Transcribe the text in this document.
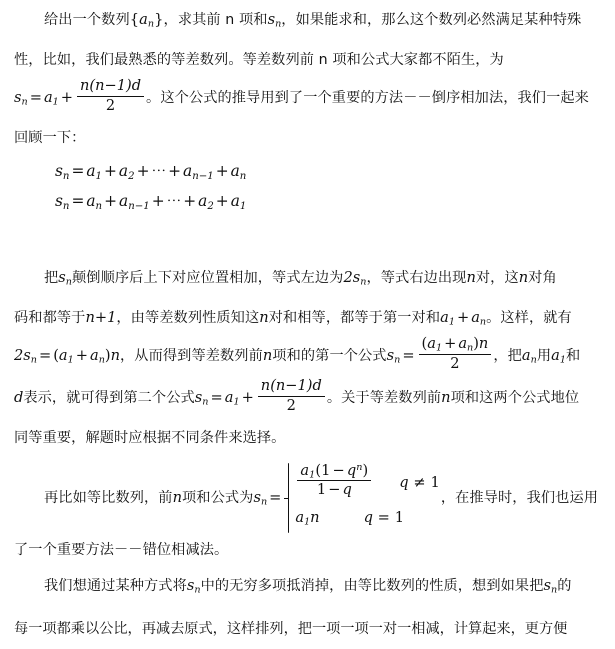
给出一个数列$\{a_n\}$，求其前 n 项和$s_n$，如果能求和，那么这个数列必然满足某种特殊
性，比如，我们最熟悉的等差数列。等差数列前 n 项和公式大家都不陌生，为
$s_n = a_1 + \frac{n(n-1)d}{2}$ 。这个公式的推导用到了一个重要的方法－－倒序相加法，我们一起来
回顾一下：
$s_n = a_1 + a_2$ + ⋯ + $a_{n-1} + a_n$
$s_n = a_n + a_{n-1}$ + ⋯ + $a_2 + a_1$
把$s_n$颠倒顺序后上下对应位置相加，等式左边为$2s_n$，等式右边出现n对，这n对角
码和都等于n+1，由等差数列性质知这n对和相等，都等于第一对和$a_1 + a_n$。这样，就有
$2s_n = (a_1 + a_n)n$，从而得到等差数列前n项和的第一个公式$s_n = \frac{(a_1 + a_n)n}{2}$ ，把$a_n$用$a_1$和
d表示，就可得到第二个公式$s_n = a_1 + \frac{n(n-1)d}{2}$ 。关于等差数列前n项和这两个公式地位
同等重要，解题时应根据不同条件来选择。
再比如等比数列，前n项和公式为$s_n = \frac{a_1(1 - q^n)}{1 - q}$ q ≠ 1
$a_1n$	q = 1
，在推导时，我们也运用
了一个重要方法－－错位相减法。
我们想通过某种方式将$s_n$中的无穷多项抵消掉，由等比数列的性质，想到如果把$s_n$的
每一项都乘以公比，再减去原式，这样排列，把一项一项一对一相减，计算起来，更方便
